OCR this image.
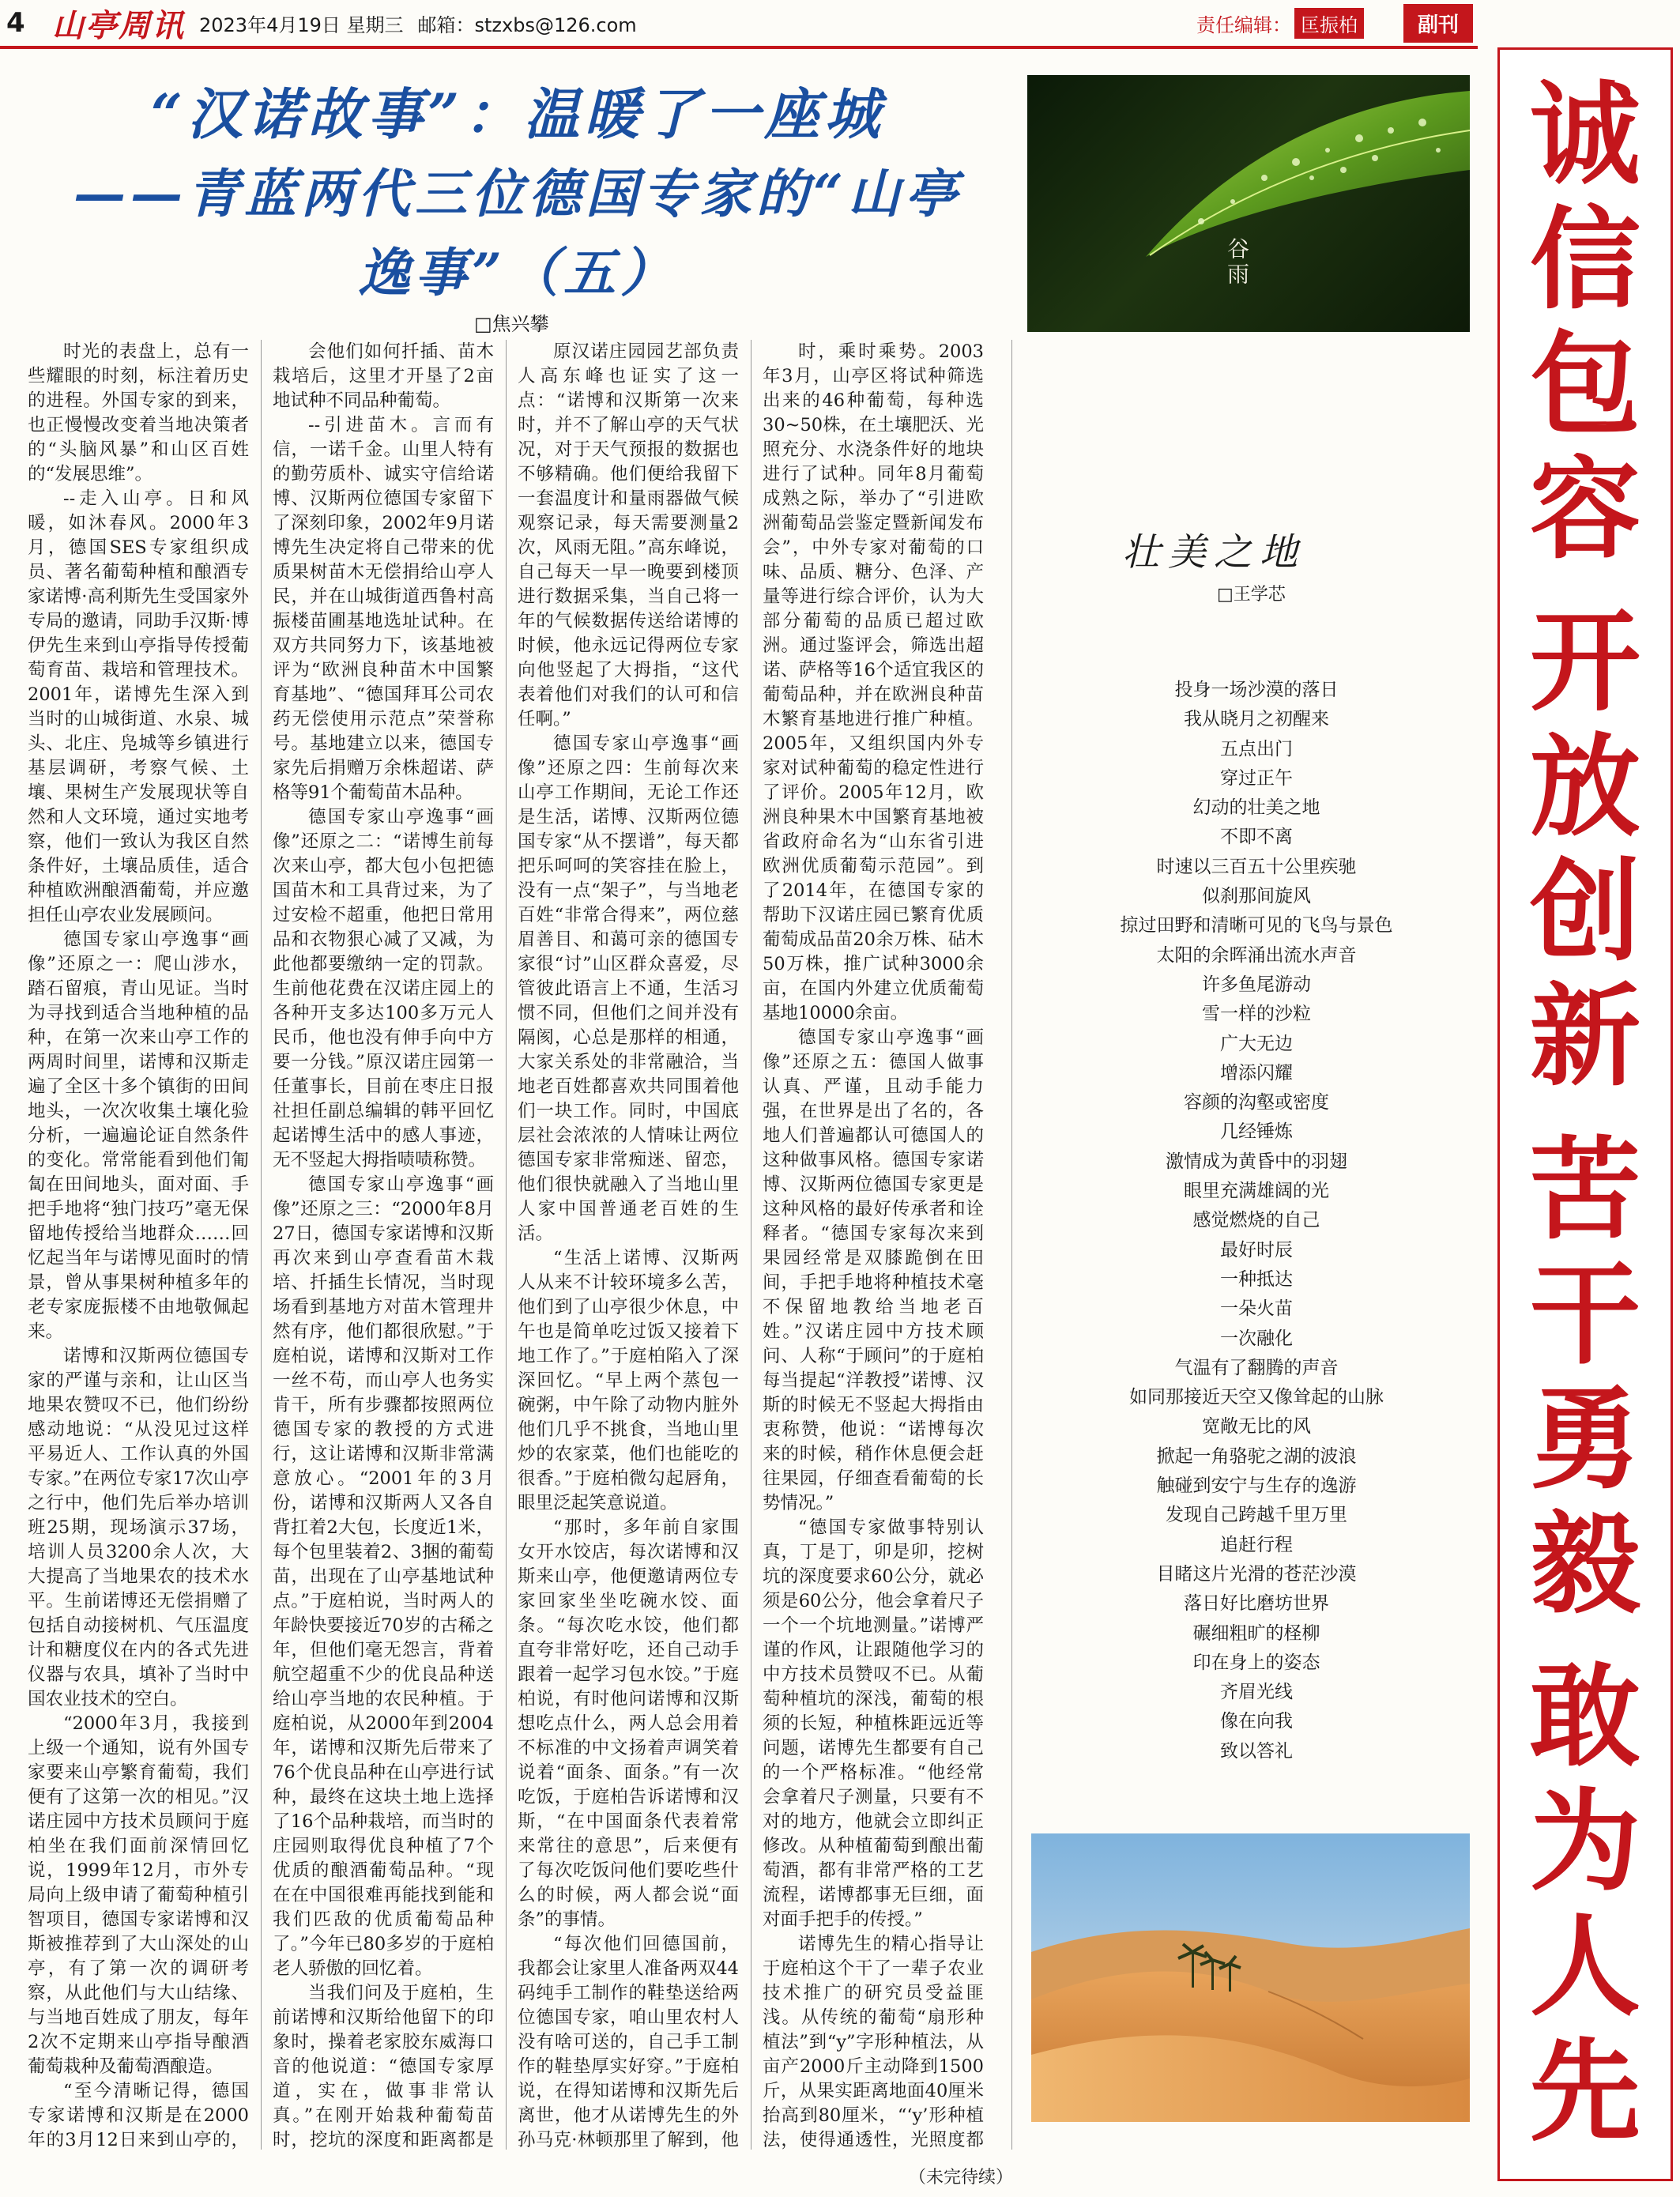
4 山亭周讯 2023年4月19日 星期三 邮箱：stzxbs@126.com	责任编辑： 匡振柏	副刊
诚
信
包
容
开
放
创
新
苦
干
勇
毅
敢
为
人
先
“汉诺故事”：温暖了一座城
——青蓝两代三位德国专家的“山亭
逸事”（五）
□焦兴攀

时光的表盘上，总有一些耀眼的时刻，标注着历史的进程。外国专家的到来，也正慢慢改变着当地决策者的“头脑风暴”和山区百姓的“发展思维”。

--走入山亭。日和风暖，如沐春风。2000年3月，德国SES专家组织成员、著名葡萄种植和酿酒专家诺博·高利斯先生受国家外专局的邀请，同助手汉斯·博伊先生来到山亭指导传授葡萄育苗、栽培和管理技术。2001年，诺博先生深入到当时的山城街道、水泉、城头、北庄、凫城等乡镇进行基层调研，考察气候、土壤、果树生产发展现状等自然和人文环境，通过实地考察，他们一致认为我区自然条件好，土壤品质佳，适合种植欧洲酿酒葡萄，并应邀担任山亭农业发展顾问。

德国专家山亭逸事“画像”还原之一：爬山涉水，踏石留痕，青山见证。当时为寻找到适合当地种植的品种，在第一次来山亭工作的两周时间里，诺博和汉斯走遍了全区十多个镇街的田间地头，一次次收集土壤化验分析，一遍遍论证自然条件的变化。常常能看到他们匍匐在田间地头，面对面、手把手地将“独门技巧”毫无保留地传授给当地群众……回忆起当年与诺博见面时的情景，曾从事果树种植多年的老专家庞振楼不由地敬佩起来。

诺博和汉斯两位德国专家的严谨与亲和，让山区当地果农赞叹不已，他们纷纷感动地说：“从没见过这样平易近人、工作认真的外国专家。”在两位专家17次山亭之行中，他们先后举办培训班25期，现场演示37场，培训人员3200余人次，大大提高了当地果农的技术水平。生前诺博还无偿捐赠了包括自动接树机、气压温度计和糖度仪在内的各式先进仪器与农具，填补了当时中国农业技术的空白。

“2000年3月，我接到上级一个通知，说有外国专家要来山亭繁育葡萄，我们便有了这第一次的相见。”汉诺庄园中方技术员顾问于庭柏坐在我们面前深情回忆说，1999年12月，市外专局向上级申请了葡萄种植引智项目，德国专家诺博和汉斯被推荐到了大山深处的山亭，有了第一次的调研考察，从此他们与大山结缘、与当地百姓成了朋友，每年2次不定期来山亭指导酿酒葡萄栽种及葡萄酒酿造。

“至今清晰记得，德国专家诺博和汉斯是在2000年的3月12日来到山亭的，

会他们如何扦插、苗木栽培后，这里才开垦了2亩地试种不同品种葡萄。

--引进苗木。言而有信，一诺千金。山里人特有的勤劳质朴、诚实守信给诺博、汉斯两位德国专家留下了深刻印象，2002年9月诺博先生决定将自己带来的优质果树苗木无偿捐给山亭人民，并在山城街道西鲁村高振楼苗圃基地选址试种。在双方共同努力下，该基地被评为“欧洲良种苗木中国繁育基地”、“德国拜耳公司农药无偿使用示范点”荣誉称号。基地建立以来，德国专家先后捐赠万余株超诺、萨格等91个葡萄苗木品种。

德国专家山亭逸事“画像”还原之二：“诺博生前每次来山亭，都大包小包把德国苗木和工具背过来，为了过安检不超重，他把日常用品和衣物狠心减了又减，为此他都要缴纳一定的罚款。生前他花费在汉诺庄园上的各种开支多达100多万元人民币，他也没有伸手向中方要一分钱。”原汉诺庄园第一任董事长，目前在枣庄日报社担任副总编辑的韩平回忆起诺博生活中的感人事迹，无不竖起大拇指啧啧称赞。

德国专家山亭逸事“画像”还原之三：“2000年8月27日，德国专家诺博和汉斯再次来到山亭查看苗木栽培、扦插生长情况，当时现场看到基地方对苗木管理井然有序，他们都很欣慰。”于庭柏说，诺博和汉斯对工作一丝不苟，而山亭人也务实肯干，所有步骤都按照两位德国专家的教授的方式进行，这让诺博和汉斯非常满意放心。“2001年的3月份，诺博和汉斯两人又各自背扛着2大包，长度近1米，每个包里装着2、3捆的葡萄苗，出现在了山亭基地试种点。”于庭柏说，当时两人的年龄快要接近70岁的古稀之年，但他们毫无怨言，背着航空超重不少的优良品种送给山亭当地的农民种植。于庭柏说，从2000年到2004年，诺博和汉斯先后带来了76个优良品种在山亭进行试种，最终在这块土地上选择了16个品种栽培，而当时的庄园则取得优良种植了7个优质的酿酒葡萄品种。“现在在中国很难再能找到能和我们匹敌的优质葡萄品种了。”今年已80多岁的于庭柏老人骄傲的回忆着。

当我们问及于庭柏，生前诺博和汉斯给他留下的印象时，操着老家胶东威海口音的他说道：“德国专家厚道，实在，做事非常认真。”在刚开始栽种葡萄苗时，挖坑的深度和距离都是

原汉诺庄园园艺部负责人高东峰也证实了这一点：“诺博和汉斯第一次来时，并不了解山亭的天气状况，对于天气预报的数据也不够精确。他们便给我留下一套温度计和量雨器做气候观察记录，每天需要测量2次，风雨无阻。”高东峰说，自己每天一早一晚要到楼顶进行数据采集，当自己将一年的气候数据传送给诺博的时候，他永远记得两位专家向他竖起了大拇指，“这代表着他们对我们的认可和信任啊。”

德国专家山亭逸事“画像”还原之四：生前每次来山亭工作期间，无论工作还是生活，诺博、汉斯两位德国专家“从不摆谱”，每天都把乐呵呵的笑容挂在脸上，没有一点“架子”，与当地老百姓“非常合得来”，两位慈眉善目、和蔼可亲的德国专家很“讨”山区群众喜爱，尽管彼此语言上不通，生活习惯不同，但他们之间并没有隔阂，心总是那样的相通，大家关系处的非常融洽，当地老百姓都喜欢共同围着他们一块工作。同时，中国底层社会浓浓的人情味让两位德国专家非常痴迷、留恋，他们很快就融入了当地山里人家中国普通老百姓的生活。

“生活上诺博、汉斯两人从来不计较环境多么苦，他们到了山亭很少休息，中午也是简单吃过饭又接着下地工作了。”于庭柏陷入了深深回忆。“早上两个蒸包一碗粥，中午除了动物内脏外他们几乎不挑食，当地山里炒的农家菜，他们也能吃的很香。”于庭柏微勾起唇角，眼里泛起笑意说道。

“那时，多年前自家围女开水饺店，每次诺博和汉斯来山亭，他便邀请两位专家回家坐坐吃碗水饺、面条。“每次吃水饺，他们都直夸非常好吃，还自己动手跟着一起学习包水饺。”于庭柏说，有时他问诺博和汉斯想吃点什么，两人总会用着不标准的中文扬着声调笑着说着“面条、面条。”有一次吃饭，于庭柏告诉诺博和汉斯，“在中国面条代表着常来常往的意思”，后来便有了每次吃饭问他们要吃些什么的时候，两人都会说“面条”的事情。

“每次他们回德国前，我都会让家里人准备两双44码纯手工制作的鞋垫送给两位德国专家，咱山里农村人没有啥可送的，自己手工制作的鞋垫厚实好穿。”于庭柏说，在得知诺博和汉斯先后离世，他才从诺博先生的外孙马克·林顿那里了解到，他

时，乘时乘势。2003年3月，山亭区将试种筛选出来的46种葡萄，每种选30~50株，在土壤肥沃、光照充分、水浇条件好的地块进行了试种。同年8月葡萄成熟之际，举办了“引进欧洲葡萄品尝鉴定暨新闻发布会”，中外专家对葡萄的口味、品质、糖分、色泽、产量等进行综合评价，认为大部分葡萄的品质已超过欧洲。通过鉴评会，筛选出超诺、萨格等16个适宜我区的葡萄品种，并在欧洲良种苗木繁育基地进行推广种植。2005年，又组织国内外专家对试种葡萄的稳定性进行了评价。2005年12月，欧洲良种果木中国繁育基地被省政府命名为“山东省引进欧洲优质葡萄示范园”。到了2014年，在德国专家的帮助下汉诺庄园已繁育优质葡萄成品苗20余万株、砧木50万株，推广试种3000余亩，在国内外建立优质葡萄基地10000余亩。

德国专家山亭逸事“画像”还原之五：德国人做事认真、严谨，且动手能力强，在世界是出了名的，各地人们普遍都认可德国人的这种做事风格。德国专家诺博、汉斯两位德国专家更是这种风格的最好传承者和诠释者。“德国专家每次来到果园经常是双膝跪倒在田间，手把手地将种植技术毫不保留地教给当地老百姓。”汉诺庄园中方技术顾问、人称“于顾问”的于庭柏每当提起“洋教授”诺博、汉斯的时候无不竖起大拇指由衷称赞，他说：“诺博每次来的时候，稍作休息便会赶往果园，仔细查看葡萄的长势情况。”

“德国专家做事特别认真，丁是丁，卯是卯，挖树坑的深度要求60公分，就必须是60公分，他会拿着尺子一个一个坑地测量。”诺博严谨的作风，让跟随他学习的中方技术员赞叹不已。从葡萄种植坑的深浅，葡萄的根须的长短，种植株距远近等问题，诺博先生都要有自己的一个严格标准。“他经常会拿着尺子测量，只要有不对的地方，他就会立即纠正修改。从种植葡萄到酿出葡萄酒，都有非常严格的工艺流程，诺博都事无巨细，面对面手把手的传授。”

诺博先生的精心指导让于庭柏这个干了一辈子农业技术推广的研究员受益匪浅。从传统的葡萄“扇形种植法”到“y”字形种植法，从亩产2000斤主动降到1500斤，从果实距离地面40厘米抬高到80厘米，“‘y’形种植法，使得通透性，光照度都

（未完待续）
谷雨
壮美之地
□王学芯
投身一场沙漠的落日
我从晓月之初醒来
五点出门
穿过正午
幻动的壮美之地
不即不离
时速以三百五十公里疾驰
似刹那间旋风
掠过田野和清晰可见的飞鸟与景色
太阳的余晖涌出流水声音
许多鱼尾游动
雪一样的沙粒
广大无边
增添闪耀
容颜的沟壑或密度
几经锤炼
激情成为黄昏中的羽翅
眼里充满雄阔的光
感觉燃烧的自己
最好时辰
一种抵达
一朵火苗
一次融化
气温有了翻腾的声音
如同那接近天空又像耸起的山脉
宽敞无比的风
掀起一角骆驼之湖的波浪
触碰到安宁与生存的逸游
发现自己跨越千里万里
追赶行程
目睹这片光滑的苍茫沙漠
落日好比磨坊世界
碾细粗旷的柽柳
印在身上的姿态
齐眉光线
像在向我
致以答礼
